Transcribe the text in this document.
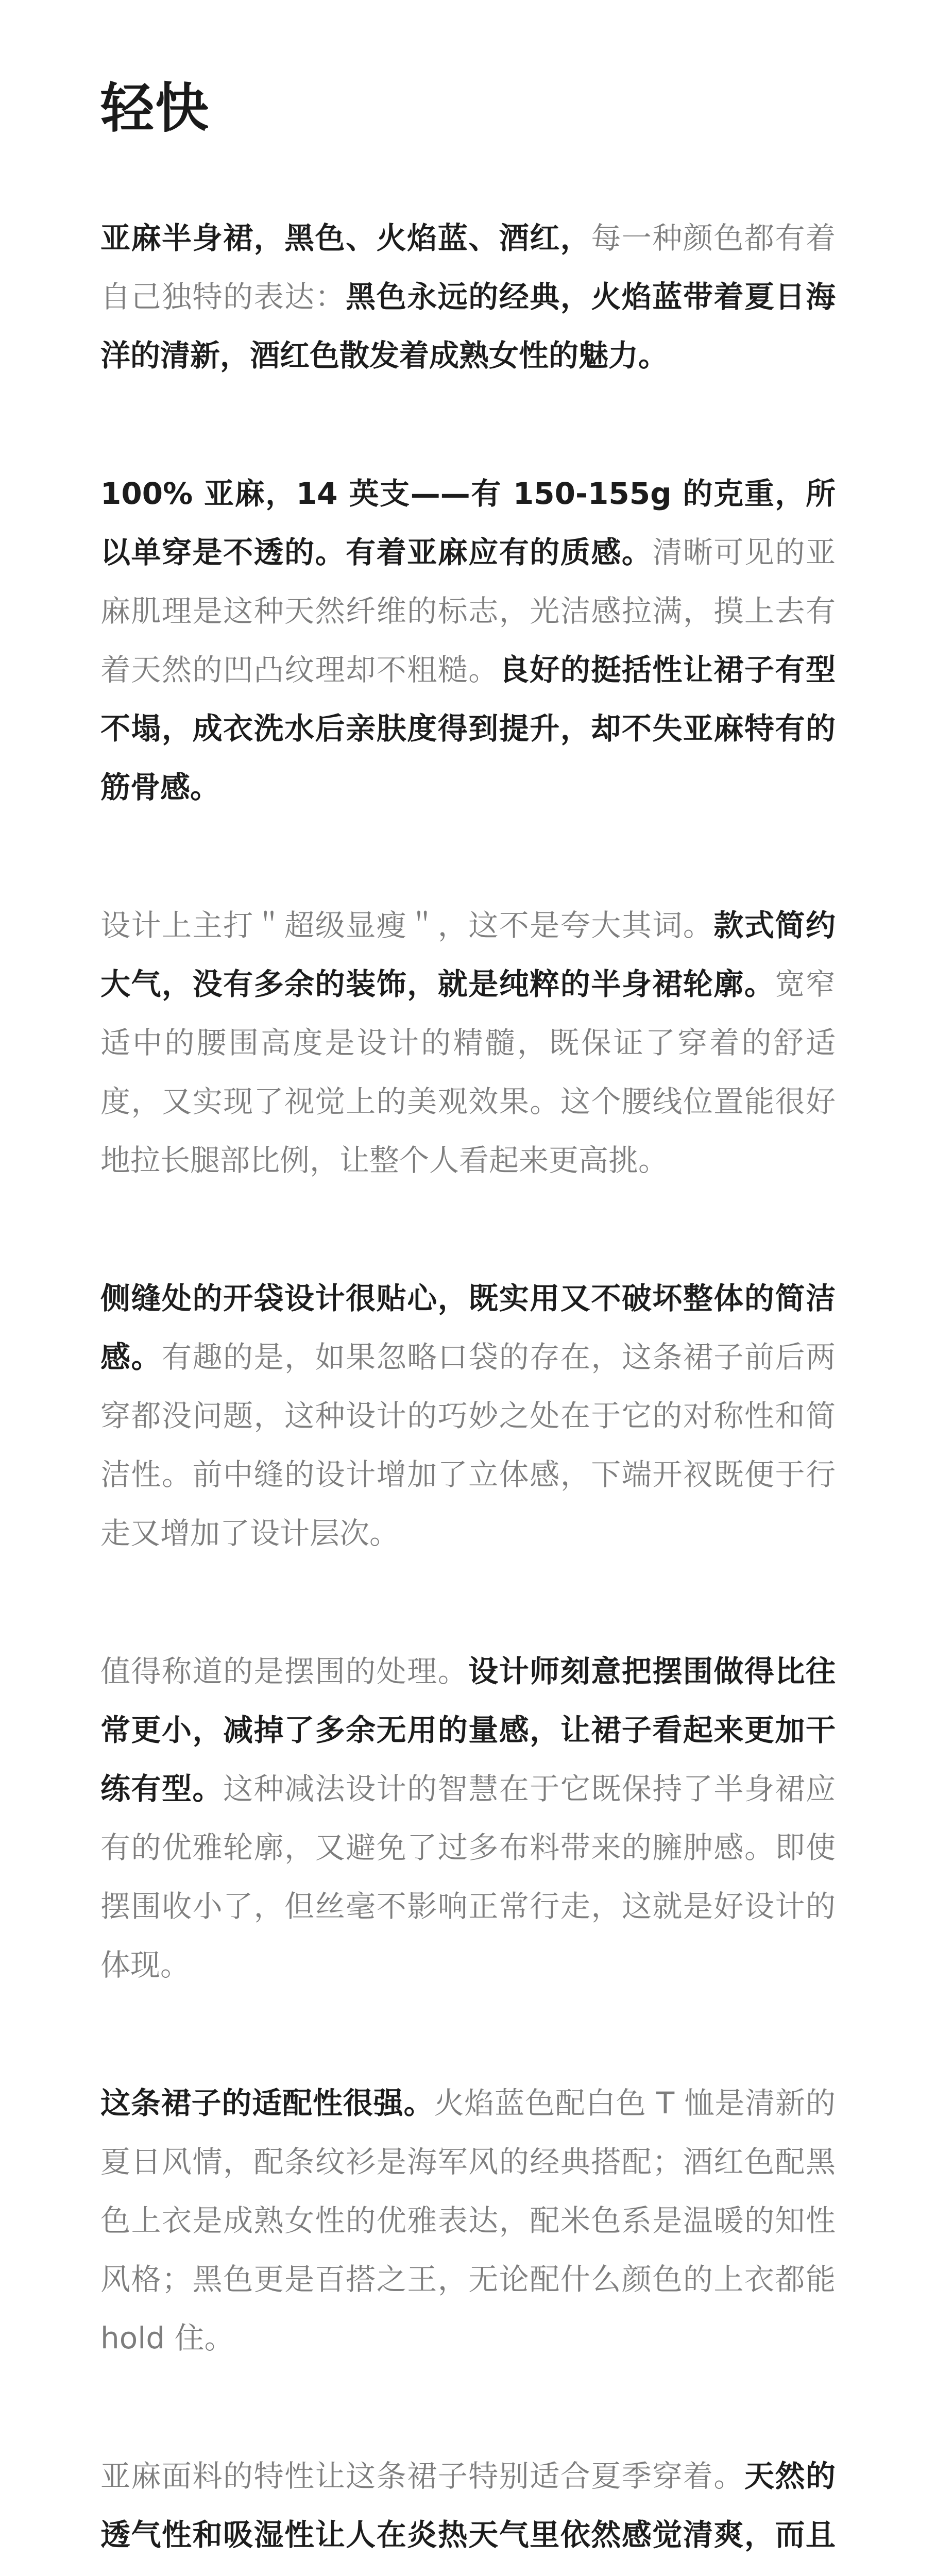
轻快

亚麻半身裙，黑色、火焰蓝、酒红，每一种颜色都有着自己独特的表达：黑色永远的经典，火焰蓝带着夏日海洋的清新，酒红色散发着成熟女性的魅力。

100% 亚麻，14 英支——有 150-155g 的克重，所以单穿是不透的。有着亚麻应有的质感。清晰可见的亚麻肌理是这种天然纤维的标志，光洁感拉满，摸上去有着天然的凹凸纹理却不粗糙。良好的挺括性让裙子有型不塌，成衣洗水后亲肤度得到提升，却不失亚麻特有的筋骨感。

设计上主打＂超级显瘦＂，这不是夸大其词。款式简约大气，没有多余的装饰，就是纯粹的半身裙轮廓。宽窄适中的腰围高度是设计的精髓，既保证了穿着的舒适度，又实现了视觉上的美观效果。这个腰线位置能很好地拉长腿部比例，让整个人看起来更高挑。

侧缝处的开袋设计很贴心，既实用又不破坏整体的简洁感。有趣的是，如果忽略口袋的存在，这条裙子前后两穿都没问题，这种设计的巧妙之处在于它的对称性和简洁性。前中缝的设计增加了立体感，下端开衩既便于行走又增加了设计层次。

值得称道的是摆围的处理。设计师刻意把摆围做得比往常更小，减掉了多余无用的量感，让裙子看起来更加干练有型。这种减法设计的智慧在于它既保持了半身裙应有的优雅轮廓，又避免了过多布料带来的臃肿感。即使摆围收小了，但丝毫不影响正常行走，这就是好设计的体现。

这条裙子的适配性很强。火焰蓝色配白色 T 恤是清新的夏日风情，配条纹衫是海军风的经典搭配；酒红色配黑色上衣是成熟女性的优雅表达，配米色系是温暖的知性风格；黑色更是百搭之王，无论配什么颜色的上衣都能 hold 住。

亚麻面料的特性让这条裙子特别适合夏季穿着。天然的透气性和吸湿性让人在炎热天气里依然感觉清爽，而且
